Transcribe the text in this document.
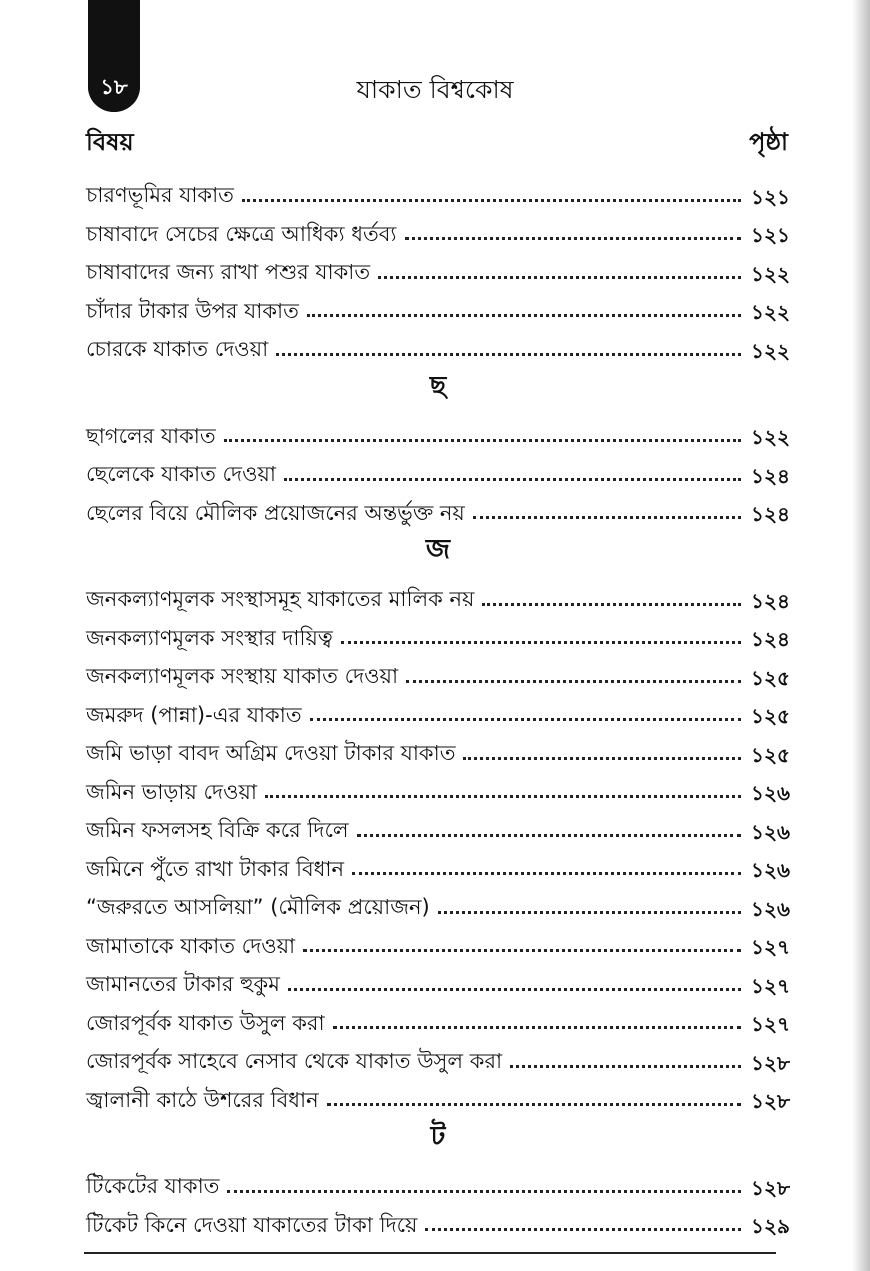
১৮	যাকাত বিশ্বকোষ
বিষয়	পৃষ্ঠা
চারণভূমির যাকাত	১২১
চাষাবাদে সেচের ক্ষেত্রে আধিক্য ধর্তব্য	১২১
চাষাবাদের জন্য রাখা পশুর যাকাত	১২২
চাঁদার টাকার উপর যাকাত	১২২
চোরকে যাকাত দেওয়া	১২২
ছ
ছাগলের যাকাত	১২২
ছেলেকে যাকাত দেওয়া	১২৪
ছেলের বিয়ে মৌলিক প্রয়োজনের অন্তর্ভুক্ত নয়	১২৪
জ
জনকল্যাণমূলক সংস্থাসমূহ যাকাতের মালিক নয়	১২৪
জনকল্যাণমূলক সংস্থার দায়িত্ব	১২৪
জনকল্যাণমূলক সংস্থায় যাকাত দেওয়া	১২৫
জমরুদ (পান্না)-এর যাকাত	১২৫
জমি ভাড়া বাবদ অগ্রিম দেওয়া টাকার যাকাত	১২৫
জমিন ভাড়ায় দেওয়া	১২৬
জমিন ফসলসহ বিক্রি করে দিলে	১২৬
জমিনে পুঁতে রাখা টাকার বিধান	১২৬
“জরুরতে আসলিয়া” (মৌলিক প্রয়োজন)	১২৬
জামাতাকে যাকাত দেওয়া	১২৭
জামানতের টাকার হুকুম	১২৭
জোরপূর্বক যাকাত উসুল করা	১২৭
জোরপূর্বক সাহেবে নেসাব থেকে যাকাত উসুল করা	১২৮
জ্বালানী কাঠে উশরের বিধান	১২৮
ট
টিকেটের যাকাত	১২৮
টিকেট কিনে দেওয়া যাকাতের টাকা দিয়ে	১২৯
